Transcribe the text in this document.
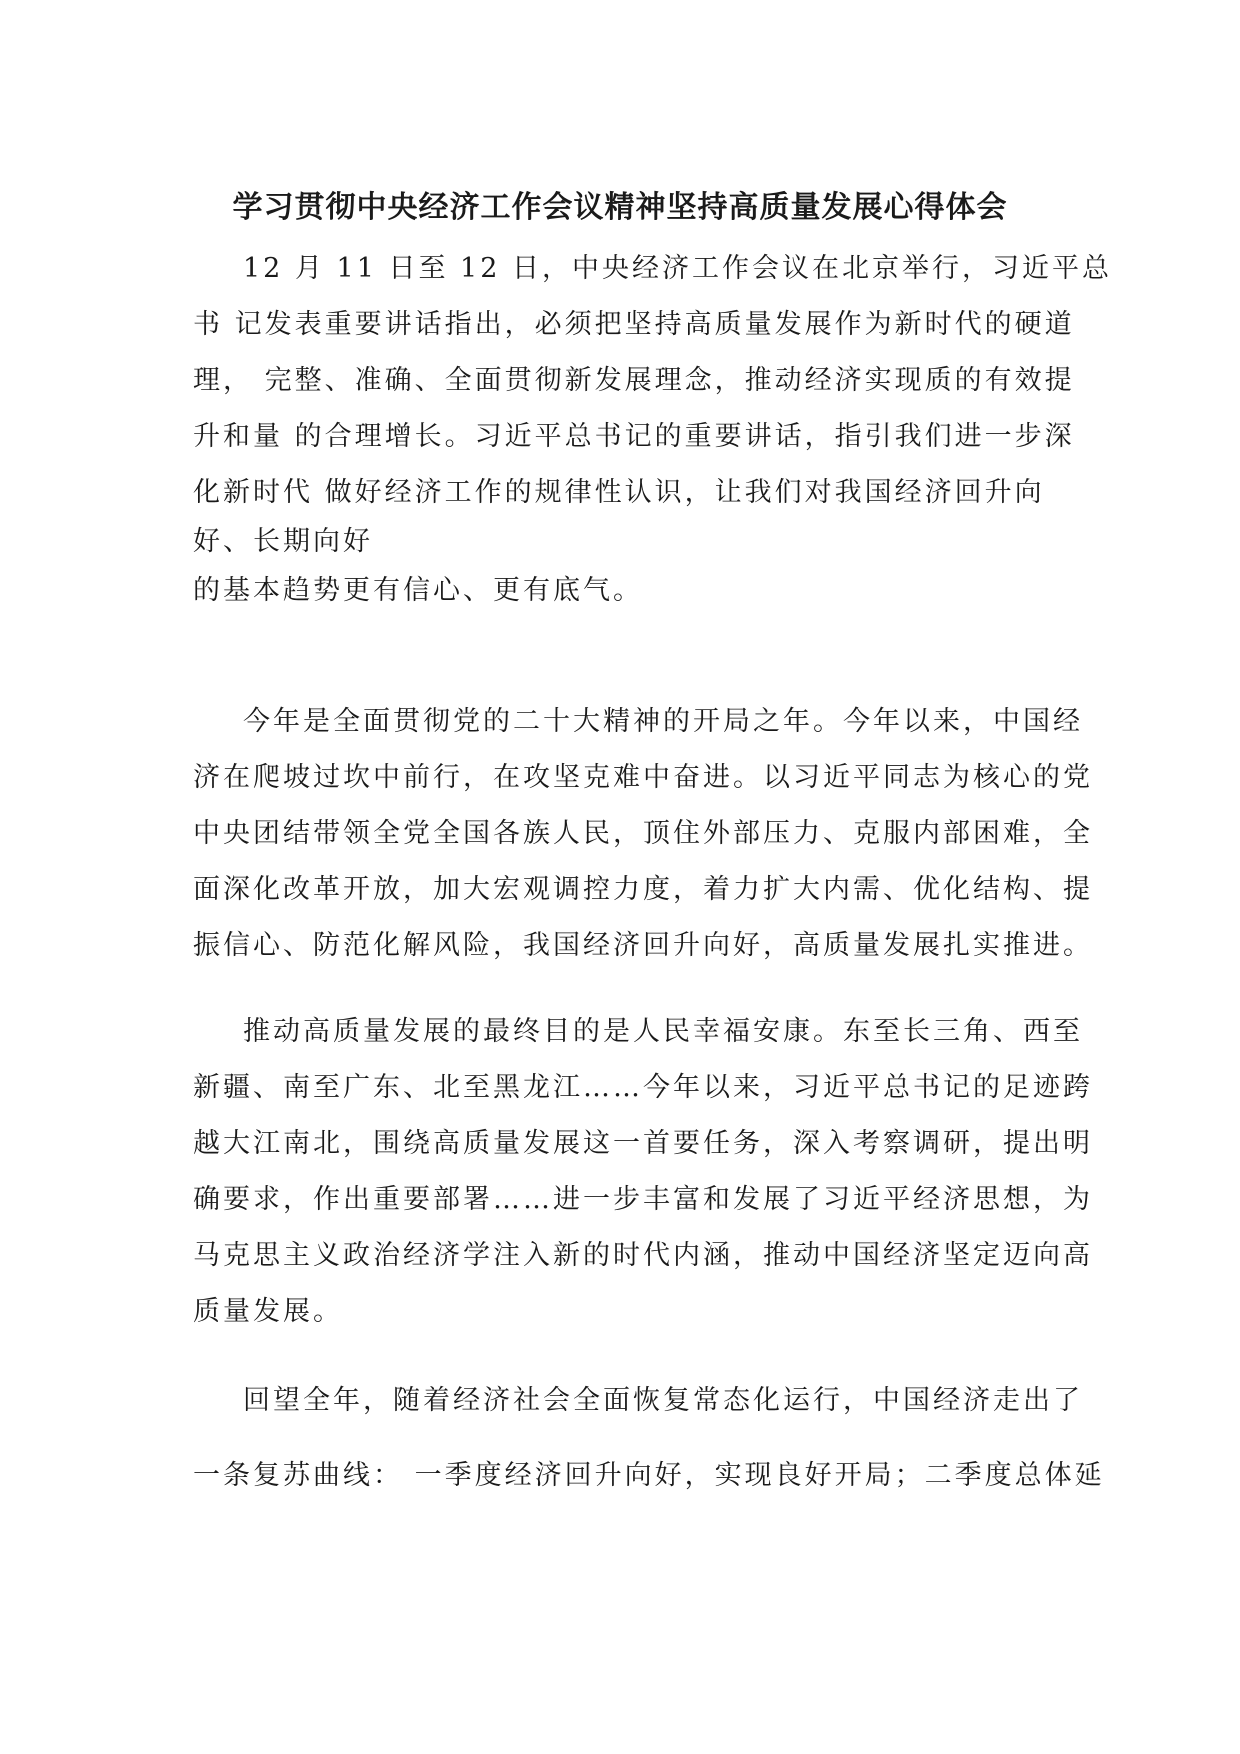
学习贯彻中央经济工作会议精神坚持高质量发展心得体会
12 月 11 日至 12 日，中央经济工作会议在北京举行，习近平总
书 记发表重要讲话指出，必须把坚持高质量发展作为新时代的硬道
理， 完整、准确、全面贯彻新发展理念，推动经济实现质的有效提
升和量 的合理增长。习近平总书记的重要讲话，指引我们进一步深
化新时代 做好经济工作的规律性认识，让我们对我国经济回升向
好、长期向好
的基本趋势更有信心、更有底气。
今年是全面贯彻党的二十大精神的开局之年。今年以来，中国经
济在爬坡过坎中前行，在攻坚克难中奋进。以习近平同志为核心的党
中央团结带领全党全国各族人民，顶住外部压力、克服内部困难，全
面深化改革开放，加大宏观调控力度，着力扩大内需、优化结构、提
振信心、防范化解风险，我国经济回升向好，高质量发展扎实推进。
推动高质量发展的最终目的是人民幸福安康。东至长三角、西至
新疆、南至广东、北至黑龙江……今年以来，习近平总书记的足迹跨
越大江南北，围绕高质量发展这一首要任务，深入考察调研，提出明
确要求，作出重要部署……进一步丰富和发展了习近平经济思想，为
马克思主义政治经济学注入新的时代内涵，推动中国经济坚定迈向高
质量发展。
回望全年，随着经济社会全面恢复常态化运行，中国经济走出了
一条复苏曲线： 一季度经济回升向好，实现良好开局；二季度总体延
